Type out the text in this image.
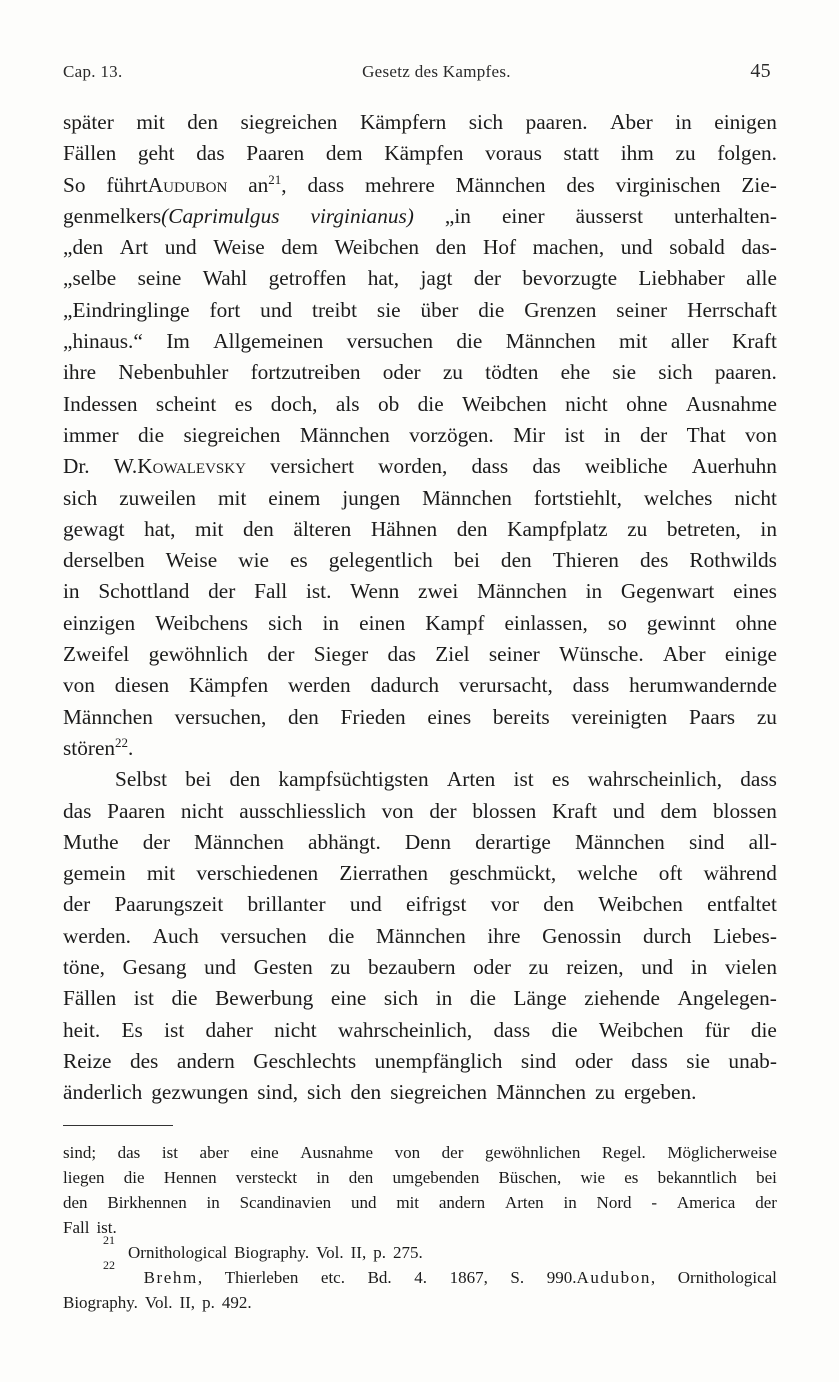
Cap. 13.	Gesetz des Kampfes.	45
später mit den siegreichen Kämpfern sich paaren. Aber in einigen
Fällen geht das Paaren dem Kämpfen voraus statt ihm zu folgen.
So führtAudubon $an^{21}$, dass mehrere Männchen des virginischen Zie-
genmelkers(Caprimulgus virginianus) „in einer äusserst unterhalten-
„den Art und Weise dem Weibchen den Hof machen, und sobald das-
„selbe seine Wahl getroffen hat, jagt der bevorzugte Liebhaber alle
„Eindringlinge fort und treibt sie über die Grenzen seiner Herrschaft
„hinaus.“ Im Allgemeinen versuchen die Männchen mit aller Kraft
ihre Nebenbuhler fortzutreiben oder zu tödten ehe sie sich paaren.
Indessen scheint es doch, als ob die Weibchen nicht ohne Ausnahme
immer die siegreichen Männchen vorzögen. Mir ist in der That von
Dr. W.Kowalevsky versichert worden, dass das weibliche Auerhuhn
sich zuweilen mit einem jungen Männchen fortstiehlt, welches nicht
gewagt hat, mit den älteren Hähnen den Kampfplatz zu betreten, in
derselben Weise wie es gelegentlich bei den Thieren des Rothwilds
in Schottland der Fall ist. Wenn zwei Männchen in Gegenwart eines
einzigen Weibchens sich in einen Kampf einlassen, so gewinnt ohne
Zweifel gewöhnlich der Sieger das Ziel seiner Wünsche. Aber einige
von diesen Kämpfen werden dadurch verursacht, dass herumwandernde
Männchen versuchen, den Frieden eines bereits vereinigten Paars zu
stören$^{22}$.
Selbst bei den kampfsüchtigsten Arten ist es wahrscheinlich, dass
das Paaren nicht ausschliesslich von der blossen Kraft und dem blossen
Muthe der Männchen abhängt. Denn derartige Männchen sind all-
gemein mit verschiedenen Zierrathen geschmückt, welche oft während
der Paarungszeit brillanter und eifrigst vor den Weibchen entfaltet
werden. Auch versuchen die Männchen ihre Genossin durch Liebes-
töne, Gesang und Gesten zu bezaubern oder zu reizen, und in vielen
Fällen ist die Bewerbung eine sich in die Länge ziehende Angelegen-
heit. Es ist daher nicht wahrscheinlich, dass die Weibchen für die
Reize des andern Geschlechts unempfänglich sind oder dass sie unab-
änderlich gezwungen sind, sich den siegreichen Männchen zu ergeben.
sind; das ist aber eine Ausnahme von der gewöhnlichen Regel. Möglicherweise
liegen die Hennen versteckt in den umgebenden Büschen, wie es bekanntlich bei
den Birkhennen in Scandinavien und mit andern Arten in Nord - America der
Fall ist.
21
Ornithological Biography. Vol. II, p. 275.
22
Brehm, Thierleben etc. Bd. 4. 1867, S. 990.Audubon, Ornithological
Biography. Vol. II, p. 492.
